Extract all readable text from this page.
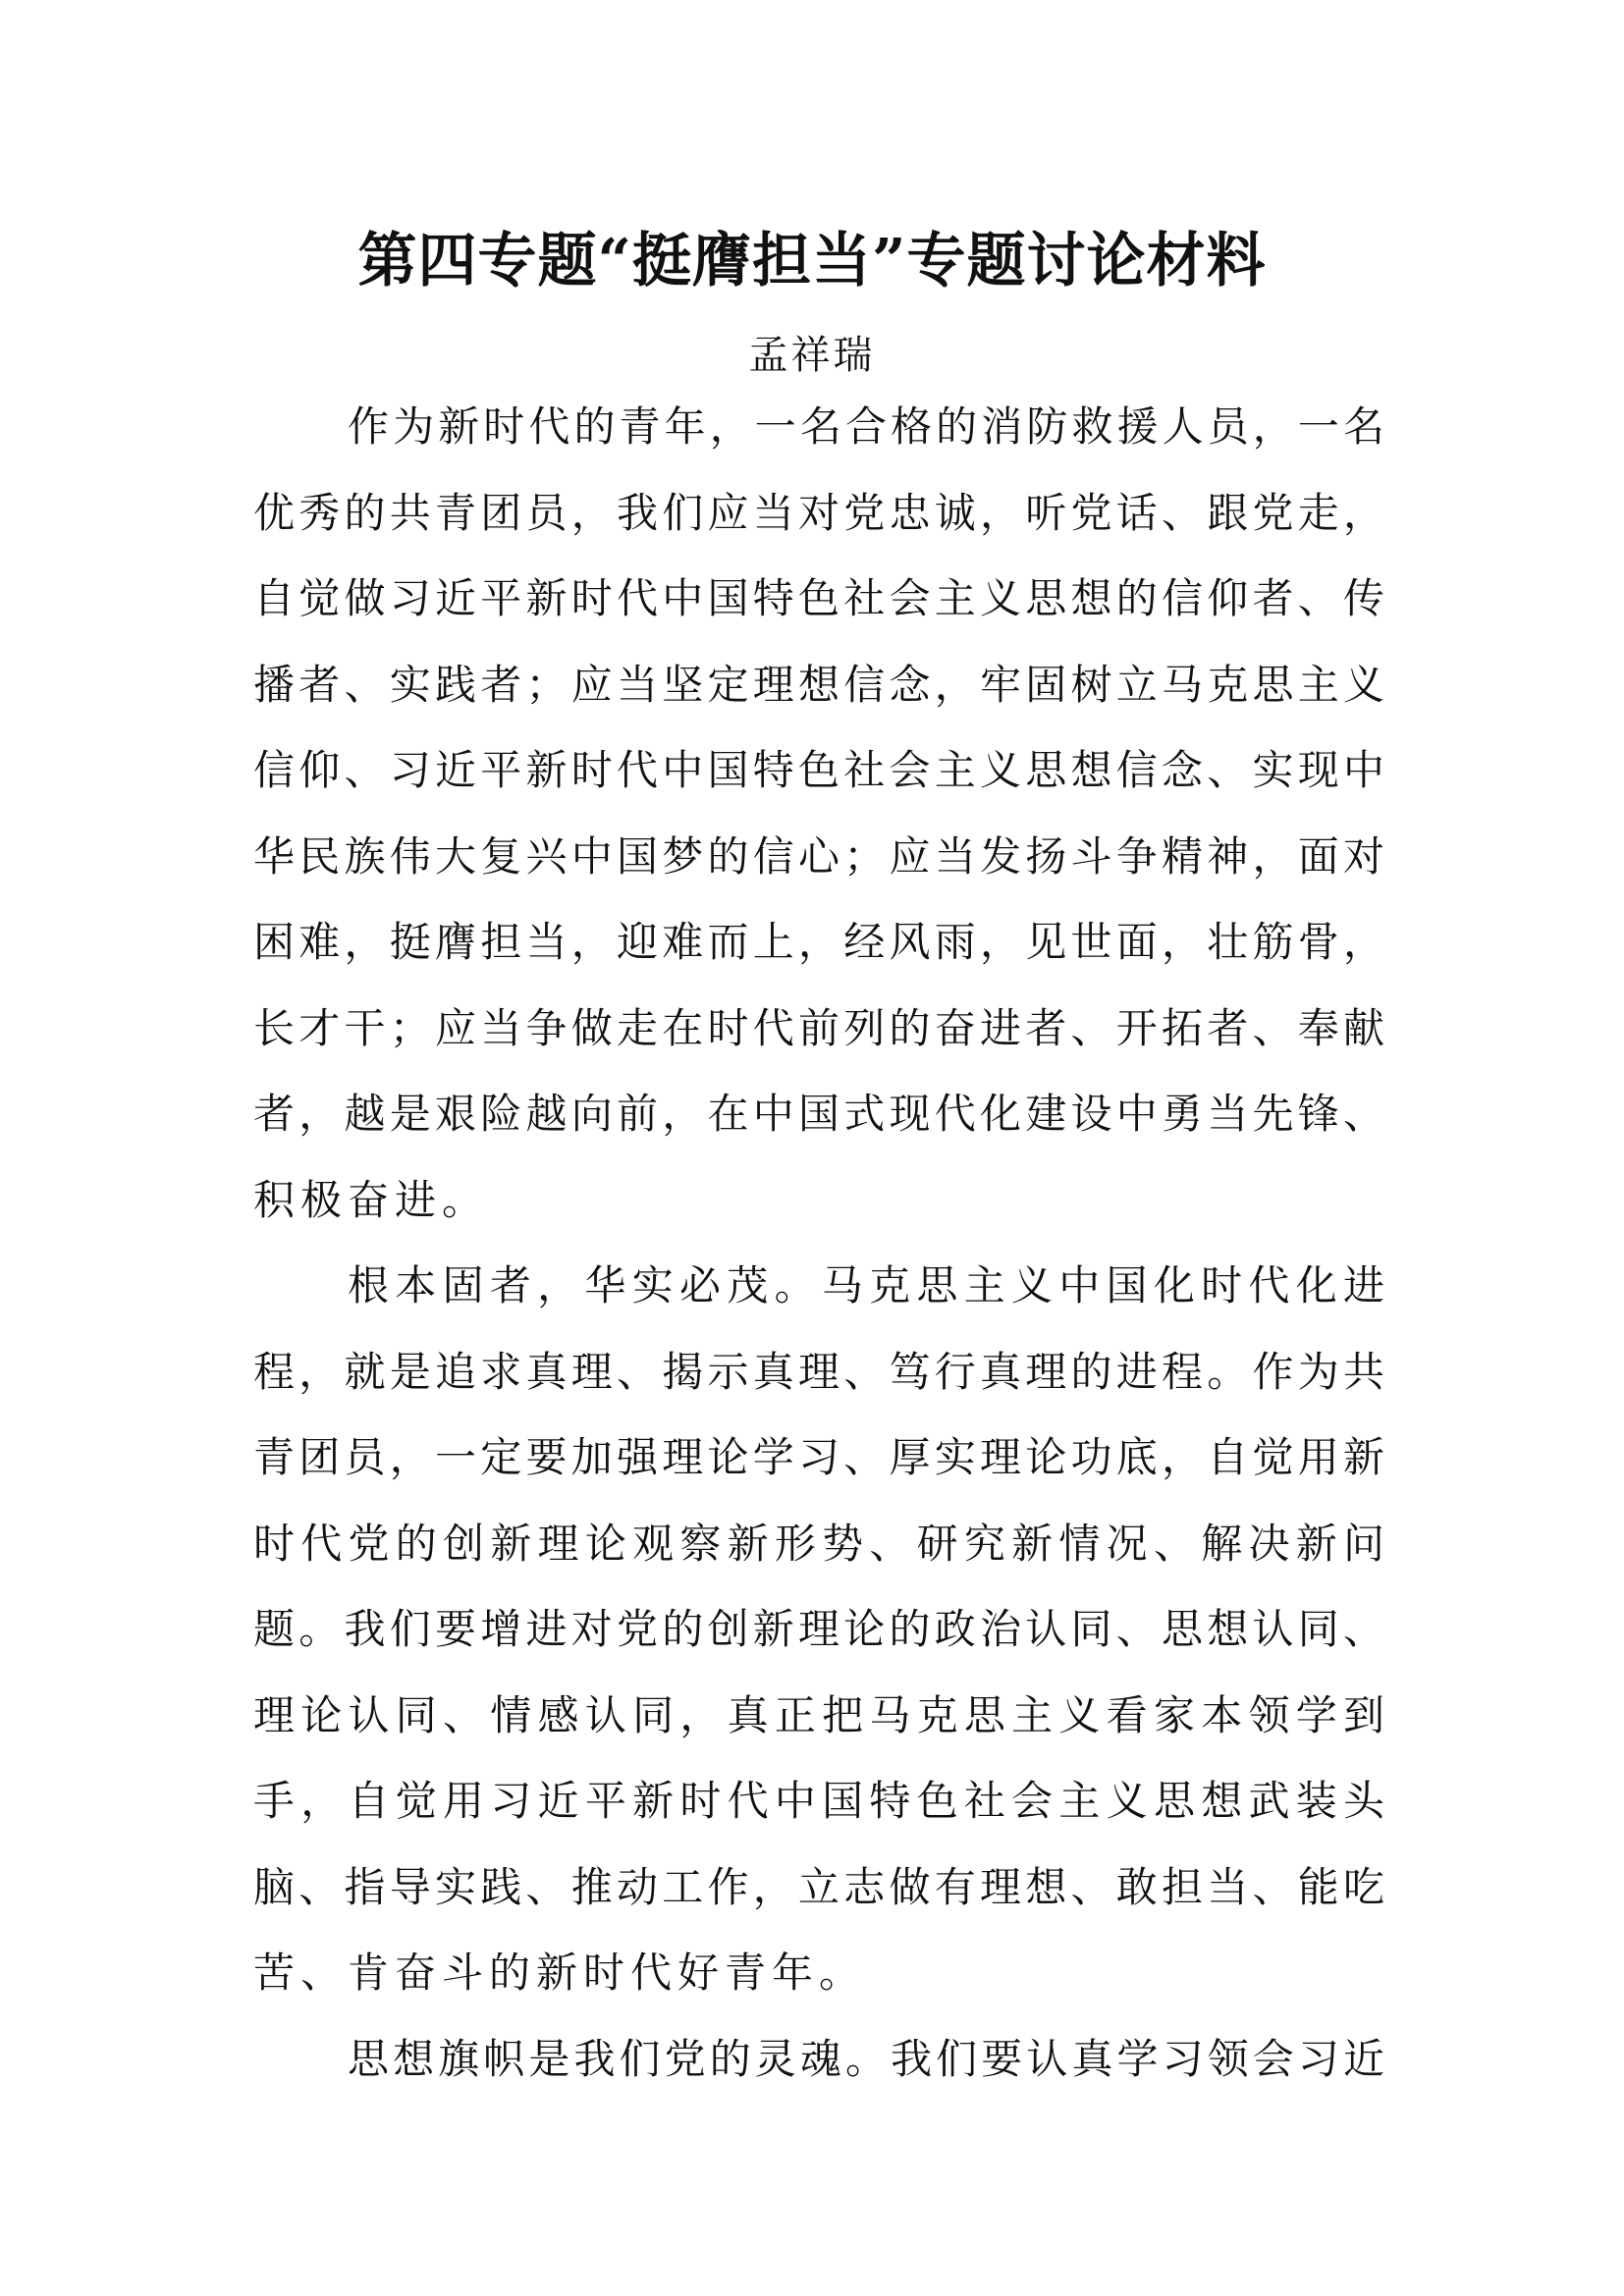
第四专题“挺膺担当”专题讨论材料
孟祥瑞
作为新时代的青年，一名合格的消防救援人员，一名
优秀的共青团员，我们应当对党忠诚，听党话、跟党走，
自觉做习近平新时代中国特色社会主义思想的信仰者、传
播者、实践者；应当坚定理想信念，牢固树立马克思主义
信仰、习近平新时代中国特色社会主义思想信念、实现中
华民族伟大复兴中国梦的信心；应当发扬斗争精神，面对
困难，挺膺担当，迎难而上，经风雨，见世面，壮筋骨，
长才干；应当争做走在时代前列的奋进者、开拓者、奉献
者，越是艰险越向前，在中国式现代化建设中勇当先锋、
积极奋进。
根本固者，华实必茂。马克思主义中国化时代化进
程，就是追求真理、揭示真理、笃行真理的进程。作为共
青团员，一定要加强理论学习、厚实理论功底，自觉用新
时代党的创新理论观察新形势、研究新情况、解决新问
题。我们要增进对党的创新理论的政治认同、思想认同、
理论认同、情感认同，真正把马克思主义看家本领学到
手，自觉用习近平新时代中国特色社会主义思想武装头
脑、指导实践、推动工作，立志做有理想、敢担当、能吃
苦、肯奋斗的新时代好青年。
思想旗帜是我们党的灵魂。我们要认真学习领会习近
